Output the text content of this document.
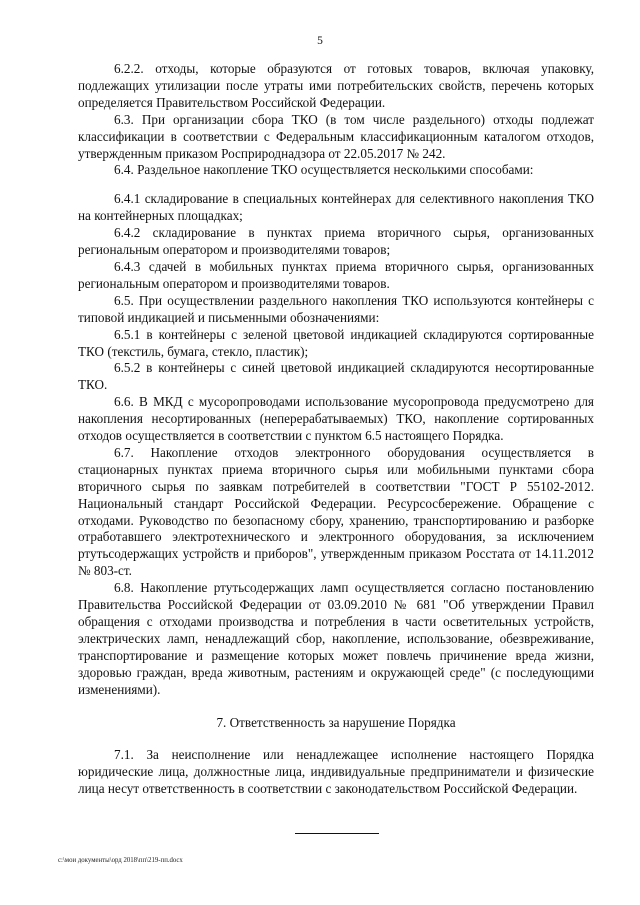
5

6.2.2. отходы, которые образуются от готовых товаров, включая упаковку, подлежащих утилизации после утраты ими потребительских свойств, перечень которых определяется Правительством Российской Федерации.

6.3. При организации сбора ТКО (в том числе раздельного) отходы подлежат классификации в соответствии с Федеральным классификационным каталогом отходов, утвержденным приказом Росприроднадзора от 22.05.2017 № 242.

6.4. Раздельное накопление ТКО осуществляется несколькими способами:

6.4.1 складирование в специальных контейнерах для селективного накопления ТКО на контейнерных площадках;

6.4.2 складирование в пунктах приема вторичного сырья, организованных региональным оператором и производителями товаров;

6.4.3 сдачей в мобильных пунктах приема вторичного сырья, организованных региональным оператором и производителями товаров.

6.5. При осуществлении раздельного накопления ТКО используются контейнеры с типовой индикацией и письменными обозначениями:

6.5.1 в контейнеры с зеленой цветовой индикацией складируются сортированные ТКО (текстиль, бумага, стекло, пластик);

6.5.2 в контейнеры с синей цветовой индикацией складируются несортированные ТКО.

6.6. В МКД с мусоропроводами использование мусоропровода предусмотрено для накопления несортированных (неперерабатываемых) ТКО, накопление сортированных отходов осуществляется в соответствии с пунктом 6.5 настоящего Порядка.

6.7. Накопление отходов электронного оборудования осуществляется в стационарных пунктах приема вторичного сырья или мобильными пунктами сбора вторичного сырья по заявкам потребителей в соответствии "ГОСТ Р 55102-2012. Национальный стандарт Российской Федерации. Ресурсосбережение. Обращение с отходами. Руководство по безопасному сбору, хранению, транспортированию и разборке отработавшего электротехнического и электронного оборудования, за исключением ртутьсодержащих устройств и приборов", утвержденным приказом Росстата от 14.11.2012 № 803-ст.

6.8. Накопление ртутьсодержащих ламп осуществляется согласно постановлению Правительства Российской Федерации от 03.09.2010 № 681 "Об утверждении Правил обращения с отходами производства и потребления в части осветительных устройств, электрических ламп, ненадлежащий сбор, накопление, использование, обезвреживание, транспортирование и размещение которых может повлечь причинение вреда жизни, здоровью граждан, вреда животным, растениям и окружающей среде" (с последующими изменениями).

7. Ответственность за нарушение Порядка

7.1. За неисполнение или ненадлежащее исполнение настоящего Порядка юридические лица, должностные лица, индивидуальные предприниматели и физические лица несут ответственность в соответствии с законодательством Российской Федерации.

c:\мои документы\орд 2018\пп\219-пп.docx
